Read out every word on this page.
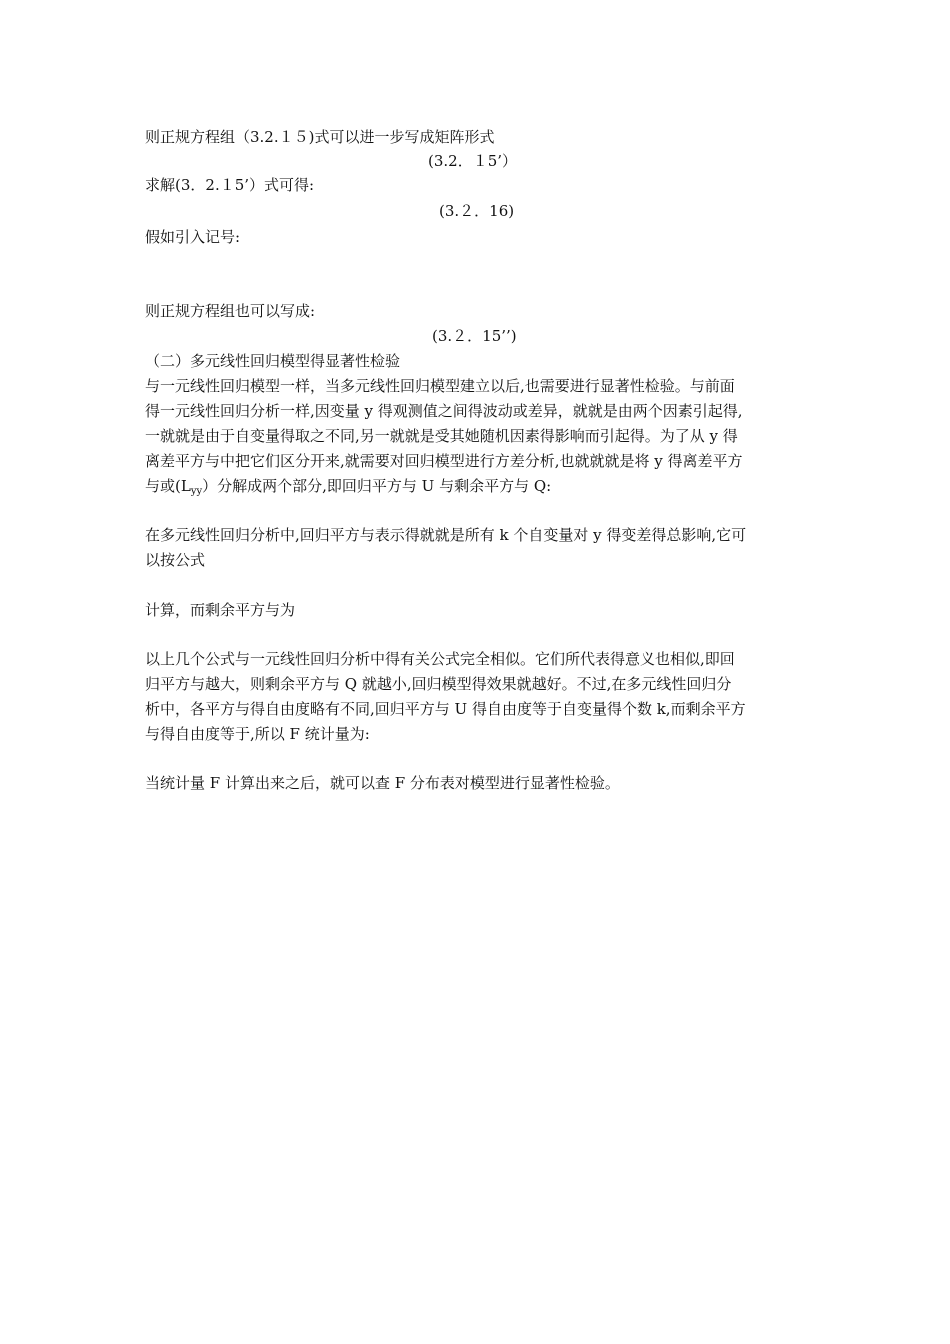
则正规方程组（3.2.１５)式可以进一步写成矩阵形式
(3.2．１5’）
求解(3．2.１5’）式可得:
(3.２．16)
假如引入记号:
则正规方程组也可以写成:
(3.２．15’’)
（二）多元线性回归模型得显著性检验
与一元线性回归模型一样，当多元线性回归模型建立以后,也需要进行显著性检验。与前面
得一元线性回归分析一样,因变量 y 得观测值之间得波动或差异，就就是由两个因素引起得,
一就就是由于自变量得取之不同,另一就就是受其她随机因素得影响而引起得。为了从 y 得
离差平方与中把它们区分开来,就需要对回归模型进行方差分析,也就就就是将 y 得离差平方
与或$(L_{yy})$分解成两个部分,即回归平方与 U 与剩余平方与 Q:
在多元线性回归分析中,回归平方与表示得就就是所有 k 个自变量对 y 得变差得总影响,它可
以按公式
计算，而剩余平方与为
以上几个公式与一元线性回归分析中得有关公式完全相似。它们所代表得意义也相似,即回
归平方与越大，则剩余平方与 Q 就越小,回归模型得效果就越好。不过,在多元线性回归分
析中，各平方与得自由度略有不同,回归平方与 U 得自由度等于自变量得个数 k,而剩余平方
与得自由度等于,所以 F 统计量为:
当统计量 F 计算出来之后，就可以查 F 分布表对模型进行显著性检验。
